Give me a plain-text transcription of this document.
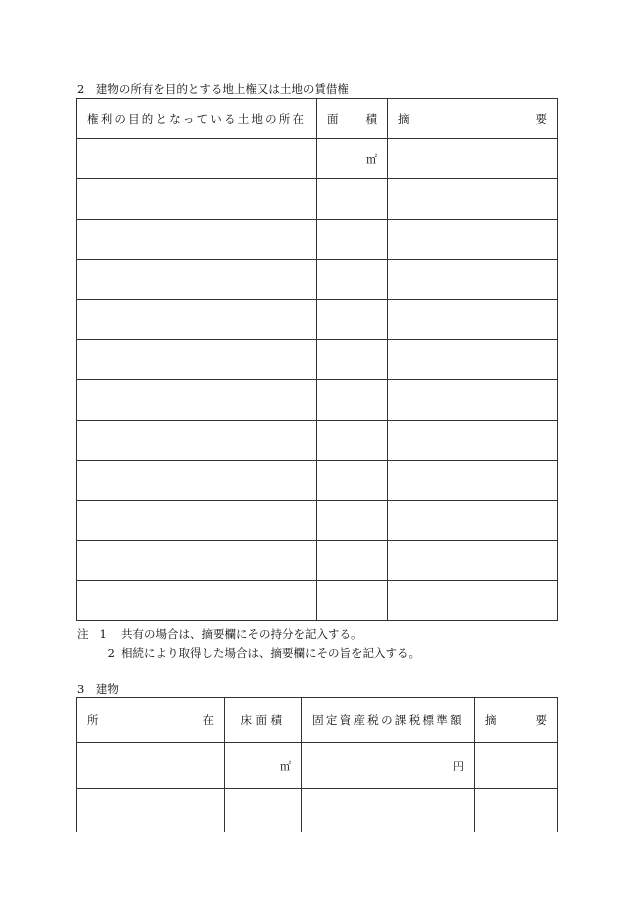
2　建物の所有を目的とする地上権又は土地の賃借権
権利の目的となっている土地の所在	面 積	摘 要

	㎡	

注 1 共有の場合は、摘要欄にその持分を記入する。
2 相続により取得した場合は、摘要欄にその旨を記入する。
3　建物
所 在	床面積	固定資産税の課税標準額	摘 要

	㎡	円	
